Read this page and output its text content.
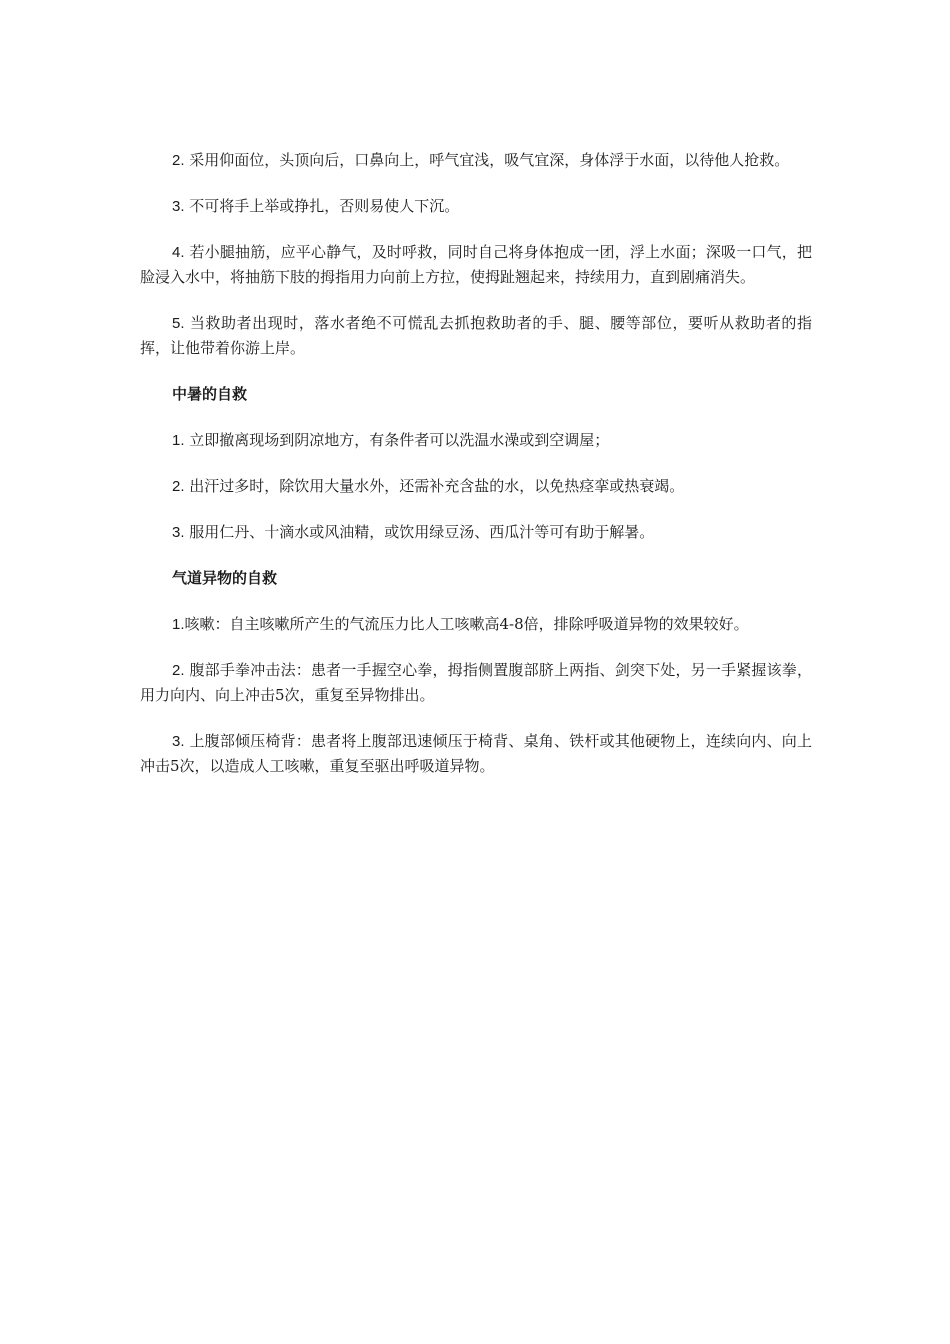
2. 采用仰面位，头顶向后，口鼻向上，呼气宜浅，吸气宜深，身体浮于水面，以待他人抢救。

3. 不可将手上举或挣扎，否则易使人下沉。

4. 若小腿抽筋，应平心静气，及时呼救，同时自己将身体抱成一团，浮上水面；深吸一口气，把脸浸入水中，将抽筋下肢的拇指用力向前上方拉，使拇趾翘起来，持续用力，直到剧痛消失。

5. 当救助者出现时，落水者绝不可慌乱去抓抱救助者的手、腿、腰等部位，要听从救助者的指挥，让他带着你游上岸。

中暑的自救

1. 立即撤离现场到阴凉地方，有条件者可以洗温水澡或到空调屋；

2. 出汗过多时，除饮用大量水外，还需补充含盐的水，以免热痉挛或热衰竭。

3. 服用仁丹、十滴水或风油精，或饮用绿豆汤、西瓜汁等可有助于解暑。

气道异物的自救

1.咳嗽：自主咳嗽所产生的气流压力比人工咳嗽高4-8倍，排除呼吸道异物的效果较好。

2. 腹部手拳冲击法：患者一手握空心拳，拇指侧置腹部脐上两指、剑突下处，另一手紧握该拳，用力向内、向上冲击5次，重复至异物排出。

3. 上腹部倾压椅背：患者将上腹部迅速倾压于椅背、桌角、铁杆或其他硬物上，连续向内、向上冲击5次，以造成人工咳嗽，重复至驱出呼吸道异物。
